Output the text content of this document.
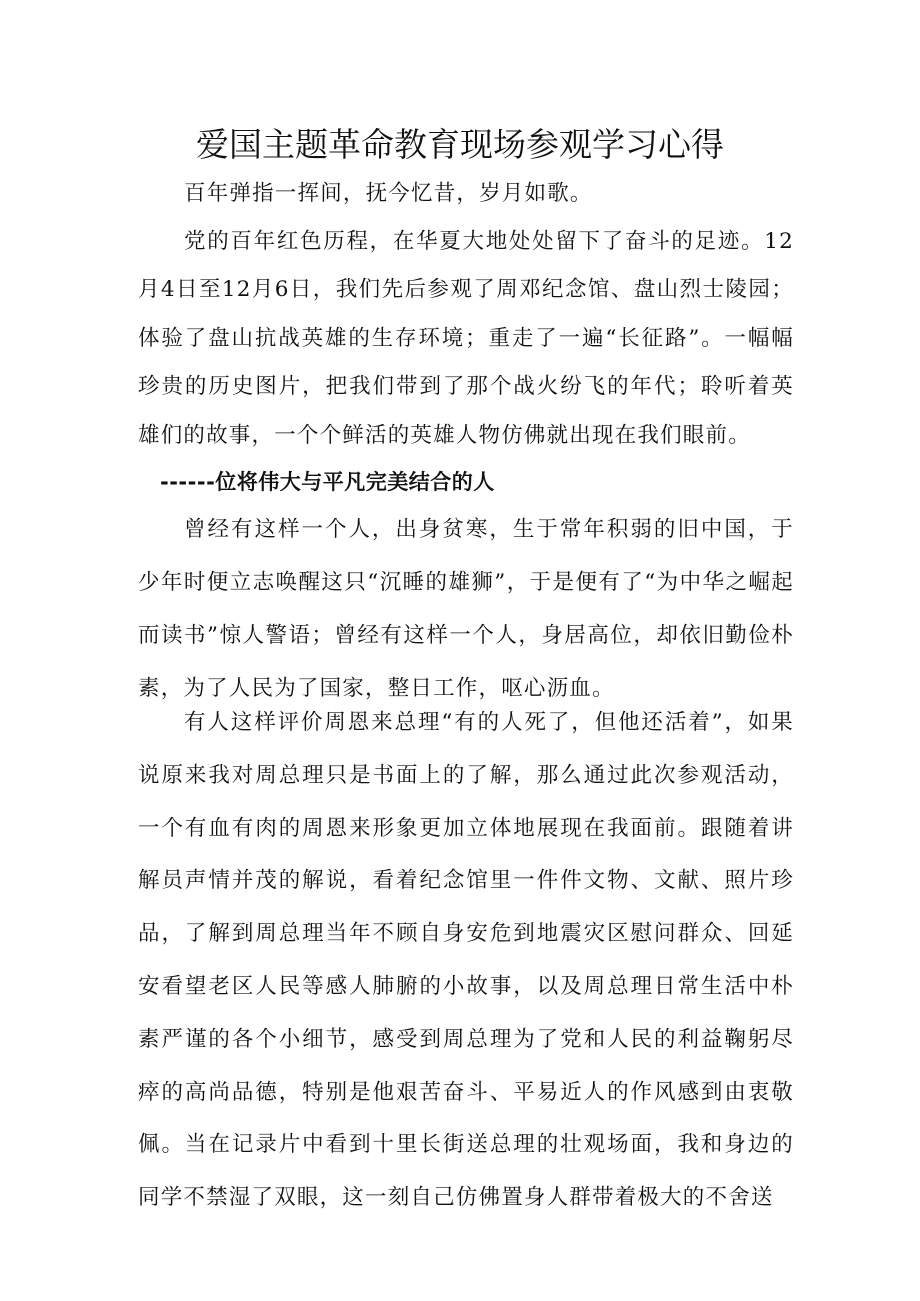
爱国主题革命教育现场参观学习心得

百年弹指一挥间，抚今忆昔，岁月如歌。

党的百年红色历程，在华夏大地处处留下了奋斗的足迹。12月4日至12月6日，我们先后参观了周邓纪念馆、盘山烈士陵园；体验了盘山抗战英雄的生存环境；重走了一遍“长征路”。一幅幅珍贵的历史图片，把我们带到了那个战火纷飞的年代；聆听着英雄们的故事，一个个鲜活的英雄人物仿佛就出现在我们眼前。

------位将伟大与平凡完美结合的人

曾经有这样一个人，出身贫寒，生于常年积弱的旧中国，于少年时便立志唤醒这只“沉睡的雄狮”，于是便有了“为中华之崛起而读书”惊人警语；曾经有这样一个人，身居高位，却依旧勤俭朴素，为了人民为了国家，整日工作，呕心沥血。

有人这样评价周恩来总理“有的人死了，但他还活着”，如果说原来我对周总理只是书面上的了解，那么通过此次参观活动，一个有血有肉的周恩来形象更加立体地展现在我面前。跟随着讲解员声情并茂的解说，看着纪念馆里一件件文物、文献、照片珍品，了解到周总理当年不顾自身安危到地震灾区慰问群众、回延安看望老区人民等感人肺腑的小故事，以及周总理日常生活中朴素严谨的各个小细节，感受到周总理为了党和人民的利益鞠躬尽瘁的高尚品德，特别是他艰苦奋斗、平易近人的作风感到由衷敬佩。当在记录片中看到十里长街送总理的壮观场面，我和身边的同学不禁湿了双眼，这一刻自己仿佛置身人群带着极大的不舍送
